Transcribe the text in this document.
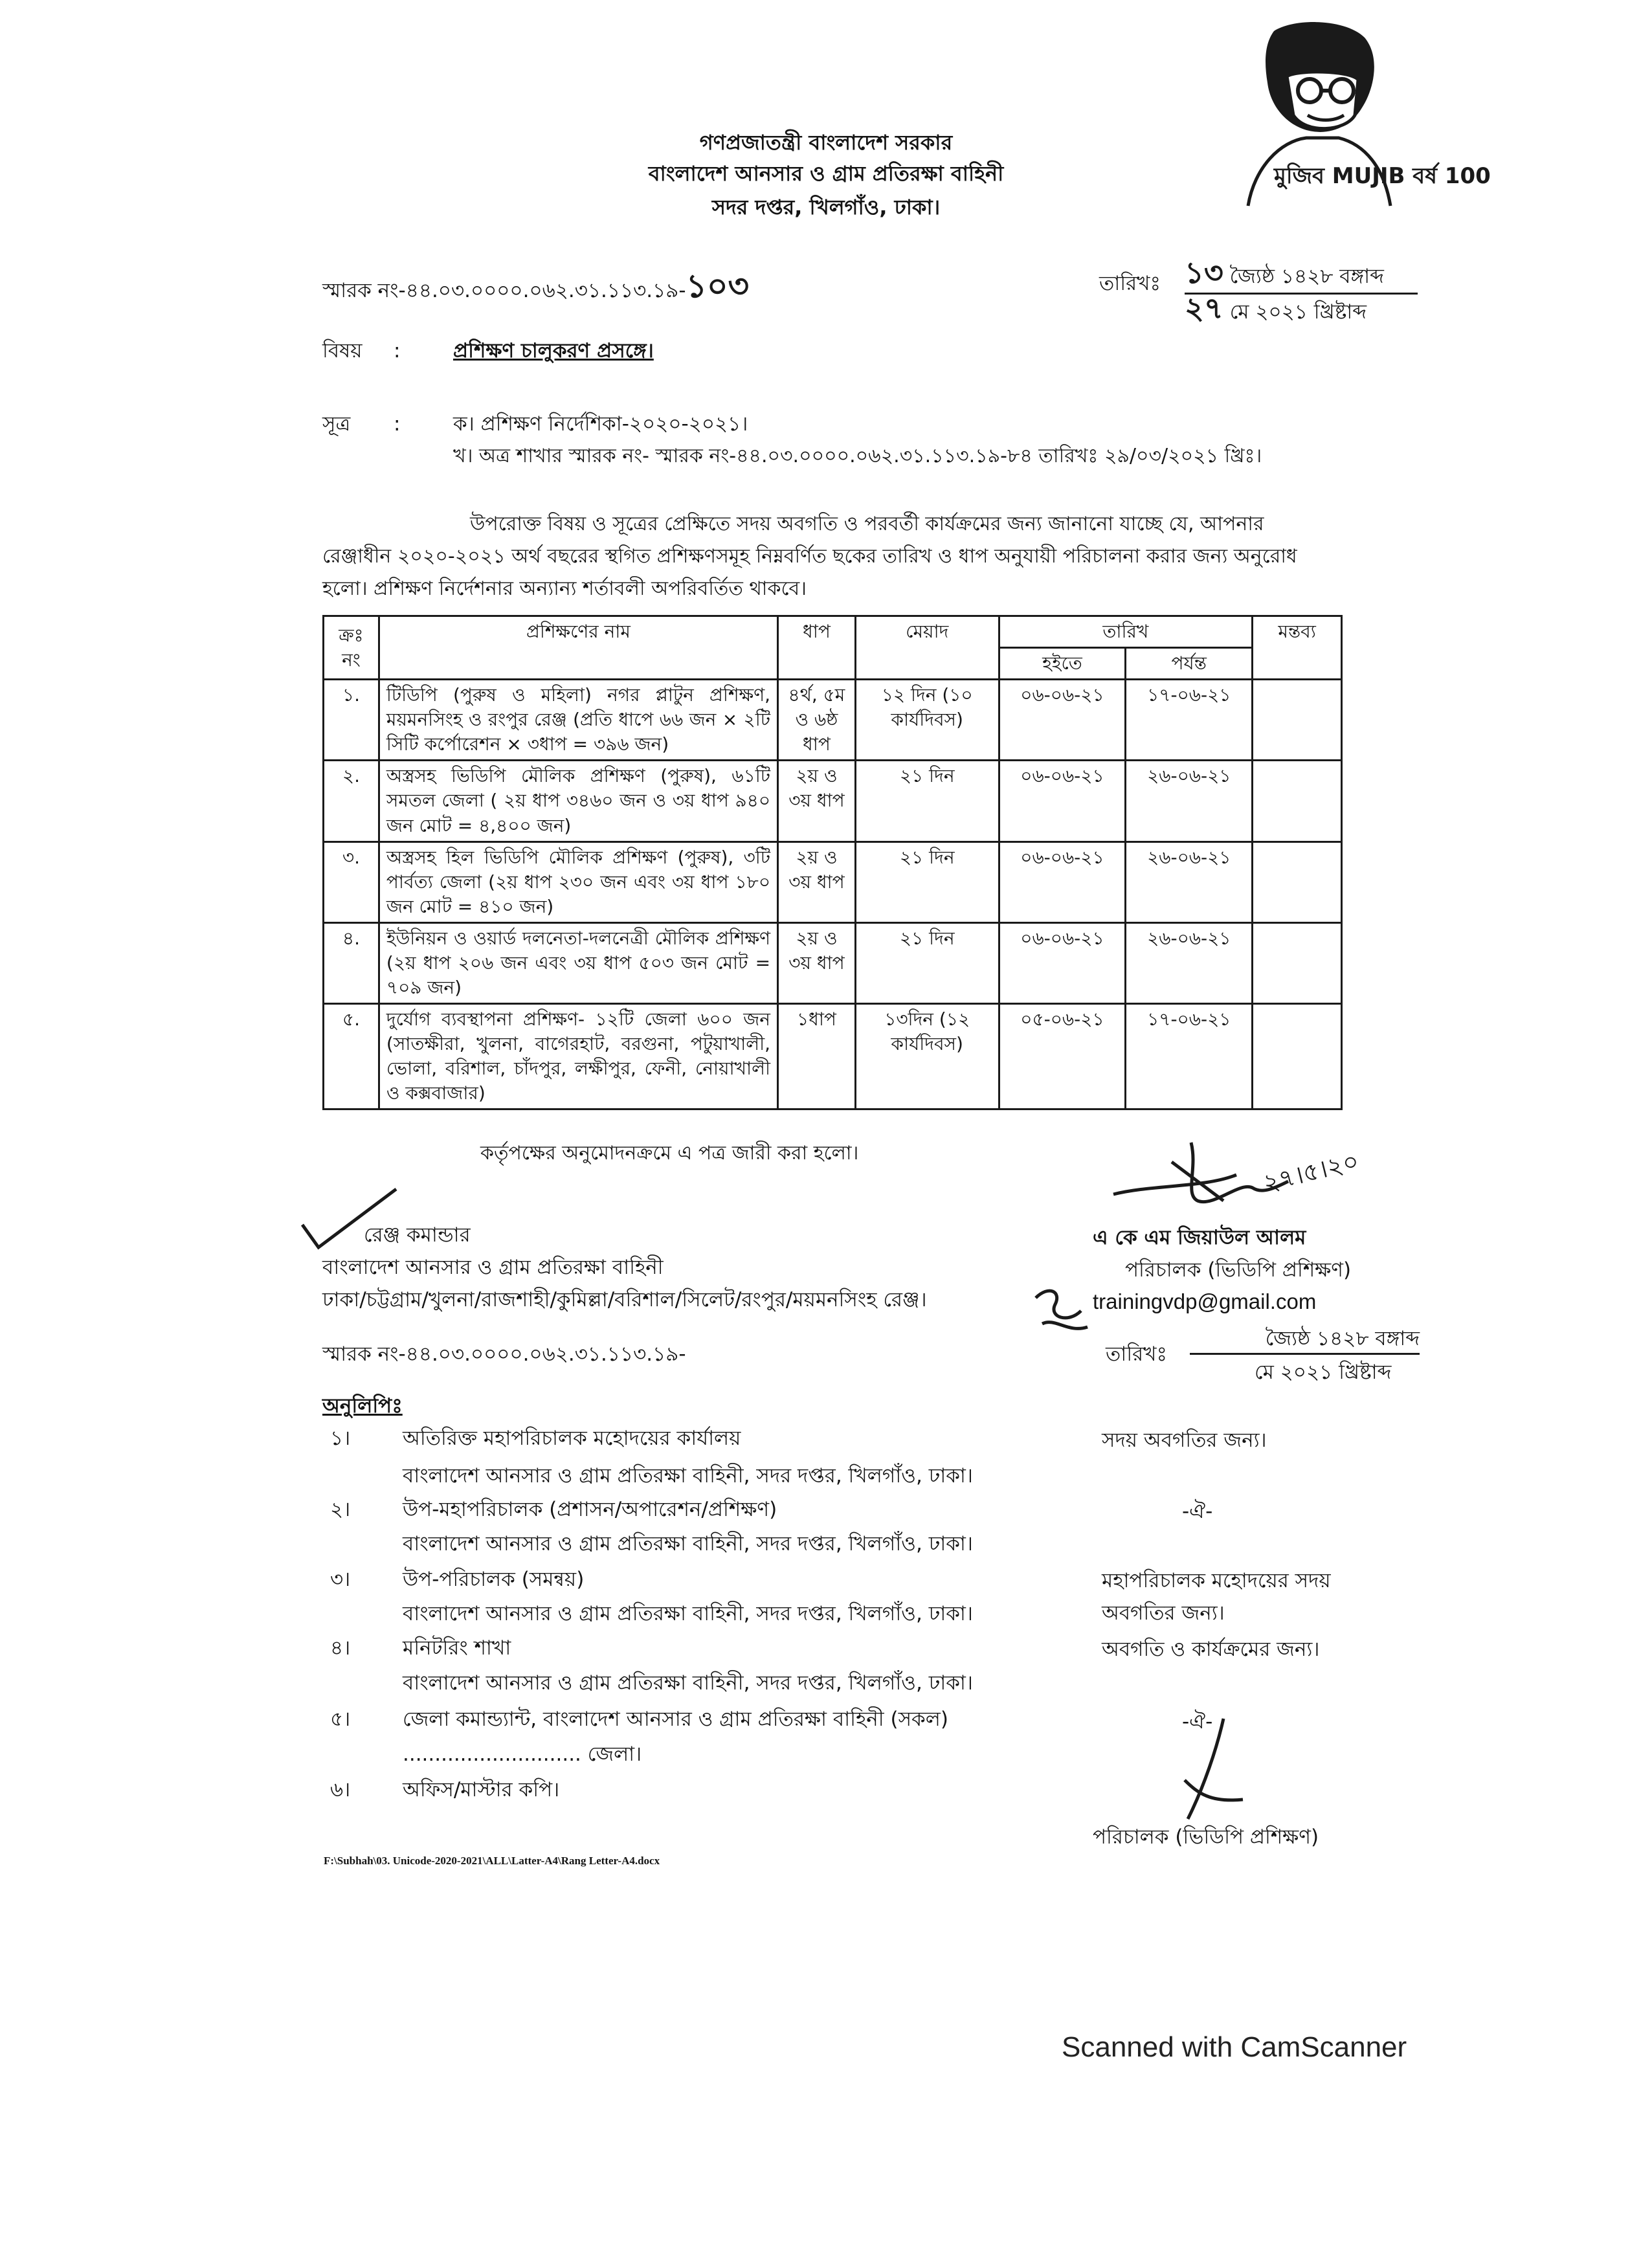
মুজিব MUJIB বর্ষ 100
গণপ্রজাতন্ত্রী বাংলাদেশ সরকার
বাংলাদেশ আনসার ও গ্রাম প্রতিরক্ষা বাহিনী
সদর দপ্তর, খিলগাঁও, ঢাকা।
স্মারক নং-৪৪.০৩.০০০০.০৬২.৩১.১১৩.১৯-১০৩	তারিখঃ ১৩ জ্যৈষ্ঠ ১৪২৮ বঙ্গাব্দ
২৭ মে ২০২১ খ্রিষ্টাব্দ
বিষয় :	প্রশিক্ষণ চালুকরণ প্রসঙ্গে।
সূত্র :	ক। প্রশিক্ষণ নির্দেশিকা-২০২০-২০২১।
খ। অত্র শাখার স্মারক নং- স্মারক নং-৪৪.০৩.০০০০.০৬২.৩১.১১৩.১৯-৮৪ তারিখঃ ২৯/০৩/২০২১ খ্রিঃ।
উপরোক্ত বিষয় ও সূত্রের প্রেক্ষিতে সদয় অবগতি ও পরবর্তী কার্যক্রমের জন্য জানানো যাচ্ছে যে, আপনার
রেঞ্জাধীন ২০২০-২০২১ অর্থ বছরের স্থগিত প্রশিক্ষণসমূহ নিম্নবর্ণিত ছকের তারিখ ও ধাপ অনুযায়ী পরিচালনা করার জন্য অনুরোধ
হলো। প্রশিক্ষণ নির্দেশনার অন্যান্য শর্তাবলী অপরিবর্তিত থাকবে।
ক্রঃ নং	প্রশিক্ষণের নাম	ধাপ	মেয়াদ	তারিখ		মন্তব্য
				হইতে	পর্যন্ত	
১.	টিডিপি (পুরুষ ও মহিলা) নগর প্লাটুন প্রশিক্ষণ, ময়মনসিংহ ও রংপুর রেঞ্জ (প্রতি ধাপে ৬৬ জন × ২টি সিটি কর্পোরেশন × ৩ধাপ = ৩৯৬ জন)	৪র্থ, ৫ম ও ৬ষ্ঠ ধাপ	১২ দিন (১০ কার্যদিবস)	০৬-০৬-২১	১৭-০৬-২১	
২.	অস্ত্রসহ ভিডিপি মৌলিক প্রশিক্ষণ (পুরুষ), ৬১টি সমতল জেলা ( ২য় ধাপ ৩৪৬০ জন ও ৩য় ধাপ ৯৪০ জন মোট = ৪,৪০০ জন)	২য় ও ৩য় ধাপ	২১ দিন	০৬-০৬-২১	২৬-০৬-২১	
৩.	অস্ত্রসহ হিল ভিডিপি মৌলিক প্রশিক্ষণ (পুরুষ), ৩টি পার্বত্য জেলা (২য় ধাপ ২৩০ জন এবং ৩য় ধাপ ১৮০ জন মোট = ৪১০ জন)	২য় ও ৩য় ধাপ	২১ দিন	০৬-০৬-২১	২৬-০৬-২১	
৪.	ইউনিয়ন ও ওয়ার্ড দলনেতা-দলনেত্রী মৌলিক প্রশিক্ষণ (২য় ধাপ ২০৬ জন এবং ৩য় ধাপ ৫০৩ জন মোট = ৭০৯ জন)	২য় ও ৩য় ধাপ	২১ দিন	০৬-০৬-২১	২৬-০৬-২১	
৫.	দুর্যোগ ব্যবস্থাপনা প্রশিক্ষণ- ১২টি জেলা ৬০০ জন (সাতক্ষীরা, খুলনা, বাগেরহাট, বরগুনা, পটুয়াখালী, ভোলা, বরিশাল, চাঁদপুর, লক্ষীপুর, ফেনী, নোয়াখালী ও কক্সবাজার)	১ধাপ	১৩দিন (১২ কার্যদিবস)	০৫-০৬-২১	১৭-০৬-২১	
কর্তৃপক্ষের অনুমোদনক্রমে এ পত্র জারী করা হলো।	২৭।৫।২০
এ কে এম জিয়াউল আলম
পরিচালক (ভিডিপি প্রশিক্ষণ)
trainingvdp@gmail.com
রেঞ্জ কমান্ডার
বাংলাদেশ আনসার ও গ্রাম প্রতিরক্ষা বাহিনী
ঢাকা/চট্টগ্রাম/খুলনা/রাজশাহী/কুমিল্লা/বরিশাল/সিলেট/রংপুর/ময়মনসিংহ রেঞ্জ।
স্মারক নং-৪৪.০৩.০০০০.০৬২.৩১.১১৩.১৯-	তারিখঃ
জ্যৈষ্ঠ ১৪২৮ বঙ্গাব্দ
মে ২০২১ খ্রিষ্টাব্দ
অনুলিপিঃ
১।	অতিরিক্ত মহাপরিচালক মহোদয়ের কার্যালয়
বাংলাদেশ আনসার ও গ্রাম প্রতিরক্ষা বাহিনী, সদর দপ্তর, খিলগাঁও, ঢাকা।
২।	উপ-মহাপরিচালক (প্রশাসন/অপারেশন/প্রশিক্ষণ)
বাংলাদেশ আনসার ও গ্রাম প্রতিরক্ষা বাহিনী, সদর দপ্তর, খিলগাঁও, ঢাকা।
৩।	উপ-পরিচালক (সমন্বয়)
বাংলাদেশ আনসার ও গ্রাম প্রতিরক্ষা বাহিনী, সদর দপ্তর, খিলগাঁও, ঢাকা।
৪।	মনিটরিং শাখা
বাংলাদেশ আনসার ও গ্রাম প্রতিরক্ষা বাহিনী, সদর দপ্তর, খিলগাঁও, ঢাকা।
৫।	জেলা কমান্ড্যান্ট, বাংলাদেশ আনসার ও গ্রাম প্রতিরক্ষা বাহিনী (সকল)
............................ জেলা।
৬।	অফিস/মাস্টার কপি।
সদয় অবগতির জন্য।
-ঐ-
মহাপরিচালক মহোদয়ের সদয়
অবগতির জন্য।
অবগতি ও কার্যক্রমের জন্য।
-ঐ-
পরিচালক (ভিডিপি প্রশিক্ষণ)
F:\Subhah\03. Unicode-2020-2021\ALL\Latter-A4\Rang Letter-A4.docx
Scanned with CamScanner
